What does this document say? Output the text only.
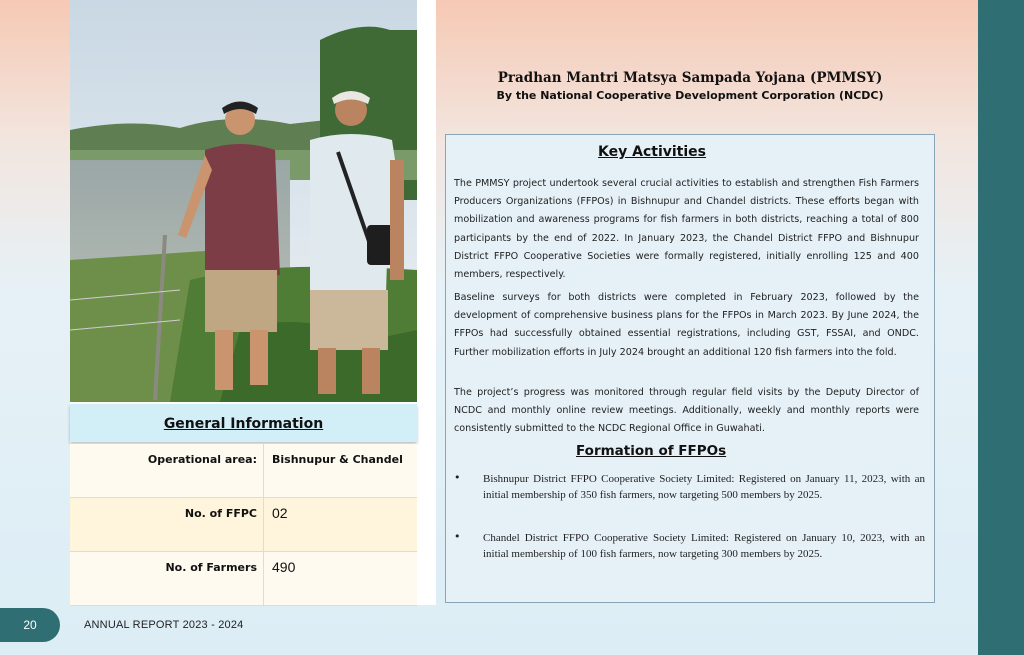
General Information
Operational area: Bishnupur & Chandel
No. of FFPC 02
No. of Farmers 490
Pradhan Mantri Matsya Sampada Yojana (PMMSY)
By the National Cooperative Development Corporation (NCDC)
Key Activities
The PMMSY project undertook several crucial activities to establish and strengthen Fish Farmers Producers Organizations (FFPOs) in Bishnupur and Chandel districts. These efforts began with mobilization and awareness programs for fish farmers in both districts, reaching a total of 800 participants by the end of 2022. In January 2023, the Chandel District FFPO and Bishnupur District FFPO Cooperative Societies were formally registered, initially enrolling 125 and 400 members, respectively.
Baseline surveys for both districts were completed in February 2023, followed by the development of comprehensive business plans for the FFPOs in March 2023. By June 2024, the FFPOs had successfully obtained essential registrations, including GST, FSSAI, and ONDC. Further mobilization efforts in July 2024 brought an additional 120 fish farmers into the fold.
The project’s progress was monitored through regular field visits by the Deputy Director of NCDC and monthly online review meetings. Additionally, weekly and monthly reports were consistently submitted to the NCDC Regional Office in Guwahati.
Formation of FFPOs
• Bishnupur District FFPO Cooperative Society Limited: Registered on January 11, 2023, with an initial membership of 350 fish farmers, now targeting 500 members by 2025.
• Chandel District FFPO Cooperative Society Limited: Registered on January 10, 2023, with an initial membership of 100 fish farmers, now targeting 300 members by 2025.
20	ANNUAL REPORT 2023 - 2024
